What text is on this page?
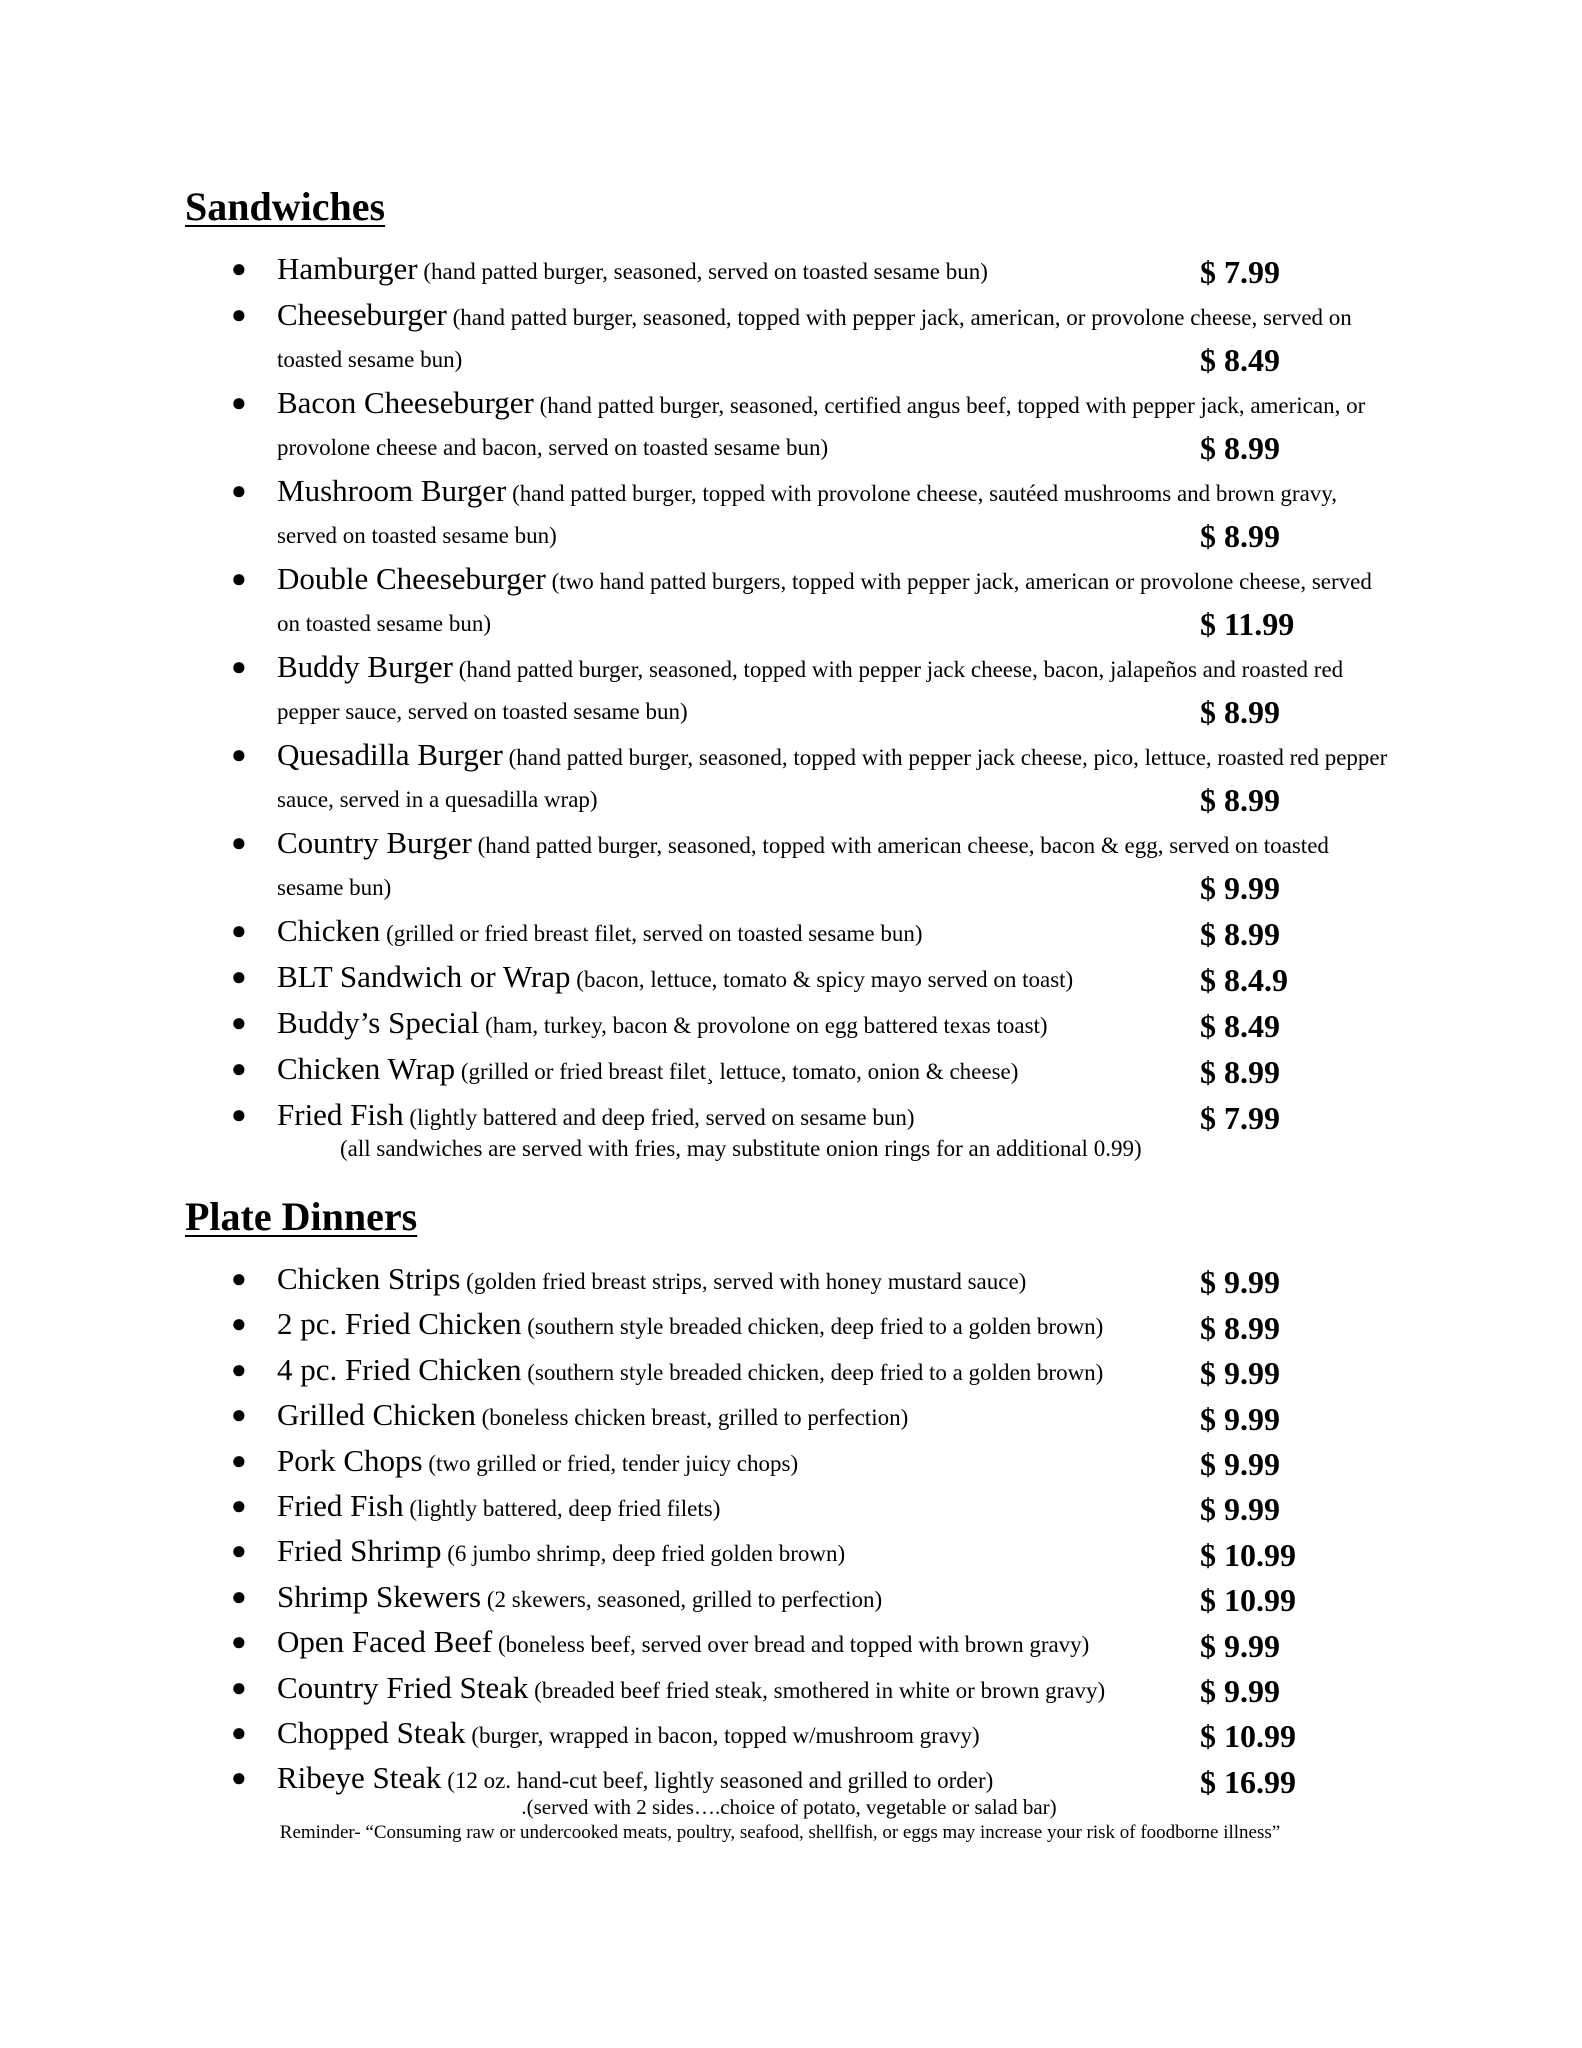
Sandwiches
● Hamburger (hand patted burger, seasoned, served on toasted sesame bun)	$ 7.99
● Cheeseburger (hand patted burger, seasoned, topped with pepper jack, american, or provolone cheese, served on toasted sesame bun)	$ 8.49
● Bacon Cheeseburger (hand patted burger, seasoned, certified angus beef, topped with pepper jack, american, or provolone cheese and bacon, served on toasted sesame bun)	$ 8.99
● Mushroom Burger (hand patted burger, topped with provolone cheese, sautéed mushrooms and brown gravy, served on toasted sesame bun)	$ 8.99
● Double Cheeseburger (two hand patted burgers, topped with pepper jack, american or provolone cheese, served on toasted sesame bun)	$ 11.99
● Buddy Burger (hand patted burger, seasoned, topped with pepper jack cheese, bacon, jalapeños and roasted red pepper sauce, served on toasted sesame bun)	$ 8.99
● Quesadilla Burger (hand patted burger, seasoned, topped with pepper jack cheese, pico, lettuce, roasted red pepper sauce, served in a quesadilla wrap)	$ 8.99
● Country Burger (hand patted burger, seasoned, topped with american cheese, bacon & egg, served on toasted sesame bun)	$ 9.99
● Chicken (grilled or fried breast filet, served on toasted sesame bun)	$ 8.99
● BLT Sandwich or Wrap (bacon, lettuce, tomato & spicy mayo served on toast)	$ 8.4.9
● Buddy’s Special (ham, turkey, bacon & provolone on egg battered texas toast)	$ 8.49
● Chicken Wrap (grilled or fried breast filet¸ lettuce, tomato, onion & cheese)	$ 8.99
● Fried Fish (lightly battered and deep fried, served on sesame bun)	$ 7.99

(all sandwiches are served with fries, may substitute onion rings for an additional 0.99)

Plate Dinners
● Chicken Strips (golden fried breast strips, served with honey mustard sauce)	$ 9.99
● 2 pc. Fried Chicken (southern style breaded chicken, deep fried to a golden brown)	$ 8.99
● 4 pc. Fried Chicken (southern style breaded chicken, deep fried to a golden brown)	$ 9.99
● Grilled Chicken (boneless chicken breast, grilled to perfection)	$ 9.99
● Pork Chops (two grilled or fried, tender juicy chops)	$ 9.99
● Fried Fish (lightly battered, deep fried filets)	$ 9.99
● Fried Shrimp (6 jumbo shrimp, deep fried golden brown)	$ 10.99
● Shrimp Skewers (2 skewers, seasoned, grilled to perfection)	$ 10.99
● Open Faced Beef (boneless beef, served over bread and topped with brown gravy)	$ 9.99
● Country Fried Steak (breaded beef fried steak, smothered in white or brown gravy)	$ 9.99
● Chopped Steak (burger, wrapped in bacon, topped w/mushroom gravy)	$ 10.99
● Ribeye Steak (12 oz. hand-cut beef, lightly seasoned and grilled to order)	$ 16.99

.(served with 2 sides….choice of potato, vegetable or salad bar)

Reminder- “Consuming raw or undercooked meats, poultry, seafood, shellfish, or eggs may increase your risk of foodborne illness”
